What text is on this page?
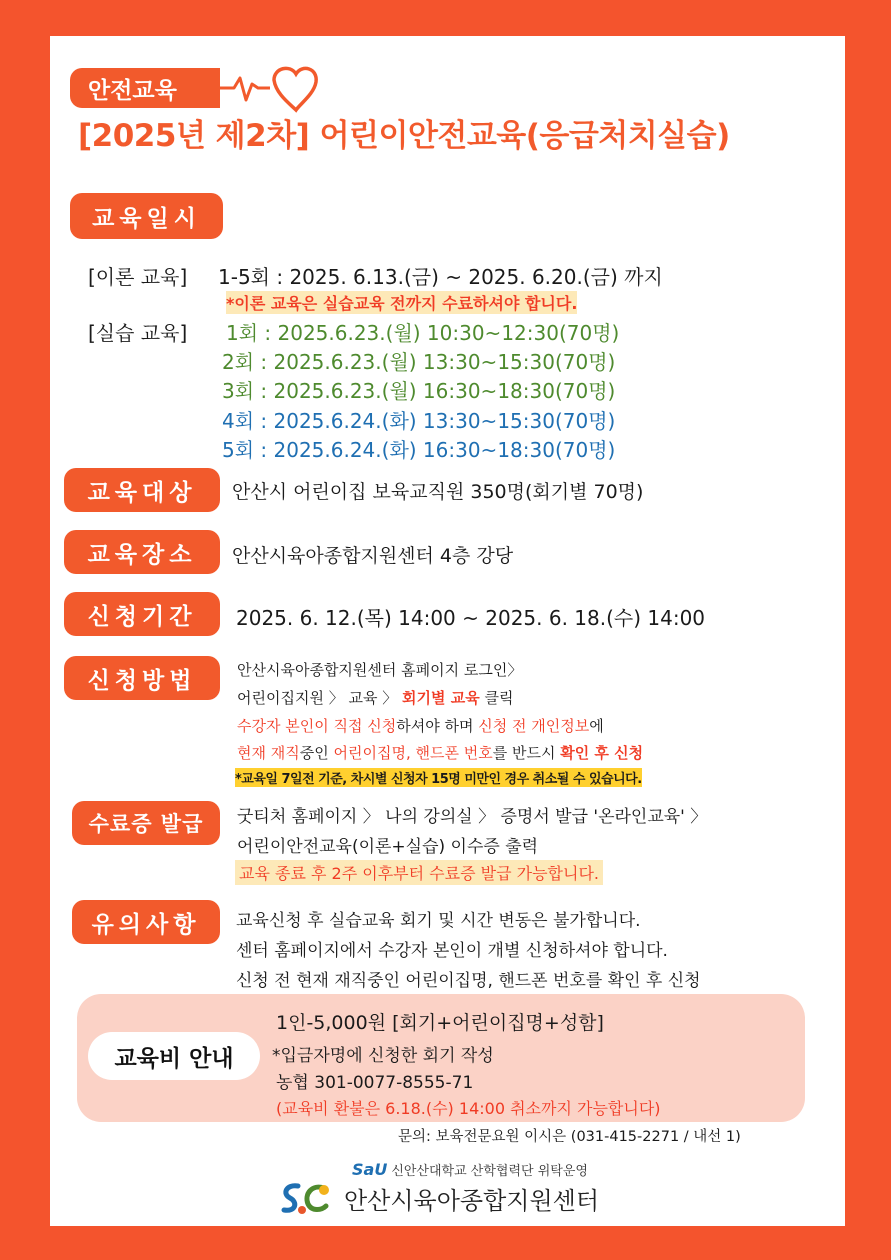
안전교육
[2025년 제2차] 어린이안전교육(응급처치실습)
교육일시
[이론 교육] 1-5회 : 2025. 6.13.(금) ~ 2025. 6.20.(금) 까지
*이론 교육은 실습교육 전까지 수료하셔야 합니다.
[실습 교육] 1회 : 2025.6.23.(월) 10:30~12:30(70명)
2회 : 2025.6.23.(월) 13:30~15:30(70명)
3회 : 2025.6.23.(월) 16:30~18:30(70명)
4회 : 2025.6.24.(화) 13:30~15:30(70명)
5회 : 2025.6.24.(화) 16:30~18:30(70명)
교육대상	안산시 어린이집 보육교직원 350명(회기별 70명)
교육장소	안산시육아종합지원센터 4층 강당
신청기간	2025. 6. 12.(목) 14:00 ~ 2025. 6. 18.(수) 14:00
신청방법	안산시육아종합지원센터 홈페이지 로그인〉
어린이집지원 〉 교육 〉 회기별 교육 클릭
수강자 본인이 직접 신청하셔야 하며 신청 전 개인정보에
현재 재직중인 어린이집명, 핸드폰 번호를 반드시 확인 후 신청
*교육일 7일전 기준, 차시별 신청자 15명 미만인 경우 취소될 수 있습니다.
수료증 발급	굿티처 홈페이지 〉 나의 강의실 〉 증명서 발급 '온라인교육' 〉
어린이안전교육(이론+실습) 이수증 출력
교육 종료 후 2주 이후부터 수료증 발급 가능합니다.
유의사항	교육신청 후 실습교육 회기 및 시간 변동은 불가합니다.
센터 홈페이지에서 수강자 본인이 개별 신청하셔야 합니다.
신청 전 현재 재직중인 어린이집명, 핸드폰 번호를 확인 후 신청
교육비 안내
1인-5,000원 [회기+어린이집명+성함]
*입금자명에 신청한 회기 작성
농협 301-0077-8555-71
(교육비 환불은 6.18.(수) 14:00 취소까지 가능합니다)
문의: 보육전문요원 이시은 (031-415-2271 / 내선 1)
SaU 신안산대학교 산학협력단 위탁운영
안산시육아종합지원센터
